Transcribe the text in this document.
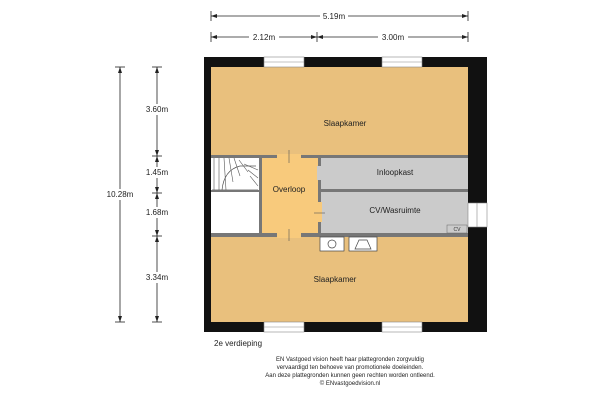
5.19m
2.12m	3.00m
10.28m
3.60m
1.45m
1.68m
3.34m
CV
Slaapkamer
Inloopkast
Overloop
CV/Wasruimte
Slaapkamer
2e verdieping
EN Vastgoed vision heeft haar plattegronden zorgvuldig
vervaardigd ten behoeve van promotionele doeleinden.
Aan deze plattegronden kunnen geen rechten worden ontleend.
© ENvastgoedvision.nl
